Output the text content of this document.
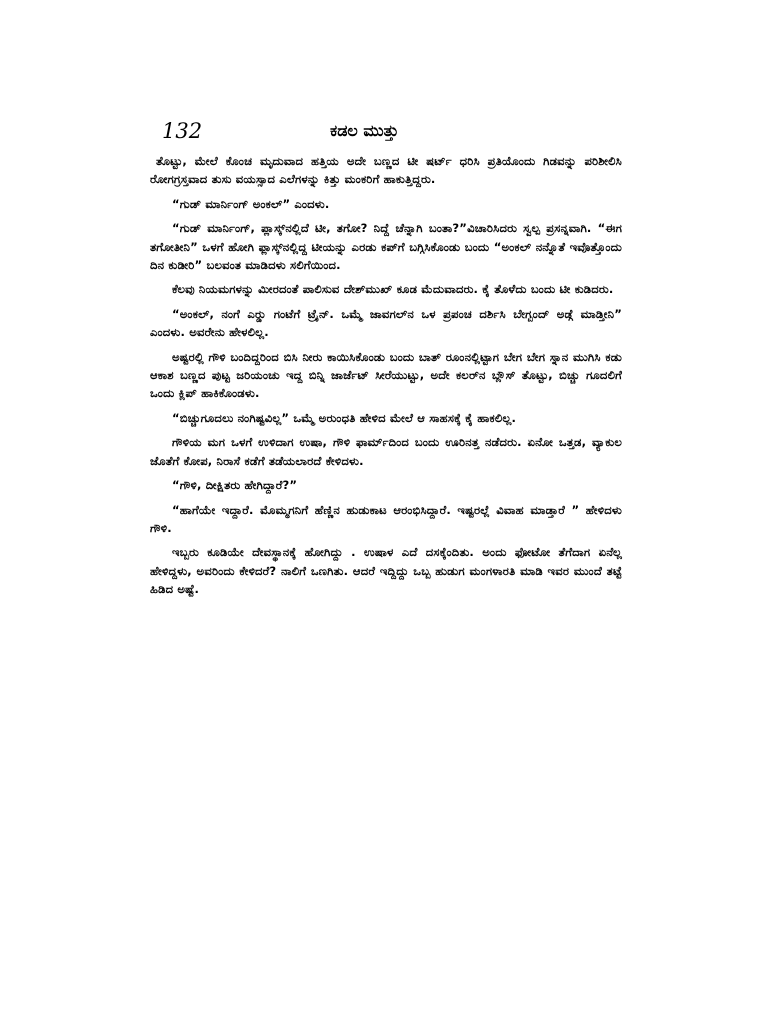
132	ಕಡಲ ಮುತ್ತು

ತೊಟ್ಟು, ಮೇಲೆ ಕೊಂಚ ಮೃದುವಾದ ಹತ್ತಿಯ ಅದೇ ಬಣ್ಣದ ಟೀ ಷರ್ಟ್ ಧರಿಸಿ ಪ್ರತಿಯೊಂದು ಗಿಡವನ್ನು ಪರಿಶೀಲಿಸಿ ರೋಗಗ್ರಸ್ತವಾದ ತುಸು ವಯಸ್ಸಾದ ಎಲೆಗಳನ್ನು ಕಿತ್ತು ಮಂಕರಿಗೆ ಹಾಕುತ್ತಿದ್ದರು.

“ಗುಡ್ ಮಾರ್ನಿಂಗ್ ಅಂಕಲ್” ಎಂದಳು.

“ಗುಡ್ ಮಾರ್ನಿಂಗ್, ಪ್ಲಾಸ್ಕ್‌ನಲ್ಲಿದೆ ಟೀ, ತಗೋ? ನಿದ್ದೆ ಚೆನ್ನಾಗಿ ಬಂತಾ?”ವಿಚಾರಿಸಿದರು ಸ್ವಲ್ಪ ಪ್ರಸನ್ನವಾಗಿ. “ಈಗ ತಗೋತೀನಿ” ಒಳಗೆ ಹೋಗಿ ಫ್ಲಾಸ್ಕ್‌ನಲ್ಲಿದ್ದ ಟೀಯನ್ನು ಎರಡು ಕಪ್‌ಗೆ ಬಗ್ಗಿಸಿಕೊಂಡು ಬಂದು “ಅಂಕಲ್ ನನ್ನೊತೆ ಇವೊತ್ತೊಂದು ದಿನ ಕುಡೀರಿ” ಬಲವಂತ ಮಾಡಿದಳು ಸಲಿಗೆಯಿಂದ.

ಕೆಲವು ನಿಯಮಗಳನ್ನು ಮೀರದಂತೆ ಪಾಲಿಸುವ ದೇಶ್‌ಮುಖ್ ಕೂಡ ಮೆದುವಾದರು. ಕೈ ತೊಳೆದು ಬಂದು ಟೀ ಕುಡಿದರು.

“ಅಂಕಲ್, ನಂಗೆ ಎರ್‍ಡು ಗಂಟೆಗೆ ಟ್ರೈನ್. ಒಮ್ಮೆ ಜಾವಗಲ್‌ನ ಒಳ ಪ್ರಪಂಚ ದರ್ಶಿಸಿ ಬೇಗ್ಬಂದ್ ಅಡ್ಗೆ ಮಾಡ್ತೀನಿ” ಎಂದಳು. ಅವರೇನು ಹೇಳಲಿಲ್ಲ.

ಅಷ್ಟರಲ್ಲಿ ಗೌಳಿ ಬಂದಿದ್ದರಿಂದ ಬಿಸಿ ನೀರು ಕಾಯಿಸಿಕೊಂಡು ಬಂದು ಬಾತ್ ರೂಂನಲ್ಲಿಟ್ಟಾಗ ಬೇಗ ಬೇಗ ಸ್ನಾನ ಮುಗಿಸಿ ಕಡು ಆಕಾಶ ಬಣ್ಣದ ಪುಟ್ಟ ಜರಿಯಂಚು ಇದ್ದ ಬಿನ್ನಿ ಜಾರ್ಜೆಟ್ ಸೀರೆಯುಟ್ಟು, ಅದೇ ಕಲರ್‌ನ ಬ್ಲೌಸ್ ತೊಟ್ಟು, ಬಿಚ್ಚು ಗೂದಲಿಗೆ ಒಂದು ಕ್ಲಿಪ್ ಹಾಕಿಕೊಂಡಳು.

“ಬಿಚ್ಚುಗೂದಲು ನಂಗಿಷ್ಟವಿಲ್ಲ” ಒಮ್ಮೆ ಅರುಂಧತಿ ಹೇಳಿದ ಮೇಲೆ ಆ ಸಾಹಸಕ್ಕೆ ಕೈ ಹಾಕಲಿಲ್ಲ.

ಗೌಳಿಯ ಮಗ ಒಳಗೆ ಉಳಿದಾಗ ಉಷಾ, ಗೌಳಿ ಫಾರ್ಮ್‌ದಿಂದ ಬಂದು ಊರಿನತ್ತ ನಡೆದರು. ಏನೋ ಒತ್ತಡ, ವ್ಯಾಕುಲ ಜೊತೆಗೆ ಕೋಪ, ನಿರಾಸೆ ಕಡೆಗೆ ತಡೆಯಲಾರದೆ ಕೇಳಿದಳು.

“ಗೌಳಿ, ದೀಕ್ಷಿತರು ಹೇಗಿದ್ದಾರೆ?”

“ಹಾಗೆಯೇ ಇದ್ದಾರೆ. ಮೊಮ್ಮಗನಿಗೆ ಹೆಣ್ಣಿನ ಹುಡುಕಾಟ ಆರಂಭಿಸಿದ್ದಾರೆ. ಇಷ್ಟರಲ್ಲೆ ವಿವಾಹ ಮಾಡ್ತಾರೆ ” ಹೇಳಿದಳು ಗೌಳಿ.

ಇಬ್ಬರು ಕೂಡಿಯೇ ದೇವಸ್ಥಾನಕ್ಕೆ ಹೋಗಿದ್ದು . ಉಷಾಳ ಎದೆ ದಸಕ್ಕೆಂದಿತು. ಅಂದು ಫೋಟೋ ತೆಗೆದಾಗ ಏನೆಲ್ಲ ಹೇಳಿದ್ದಳು, ಅವರಿಂದು ಕೇಳಿದರೆ? ನಾಲಿಗೆ ಒಣಗಿತು. ಆದರೆ ಇದ್ದಿದ್ದು ಒಬ್ಬ ಹುಡುಗ ಮಂಗಳಾರತಿ ಮಾಡಿ ಇವರ ಮುಂದೆ ತಟ್ಟೆ ಹಿಡಿದ ಅಷ್ಟೆ.
